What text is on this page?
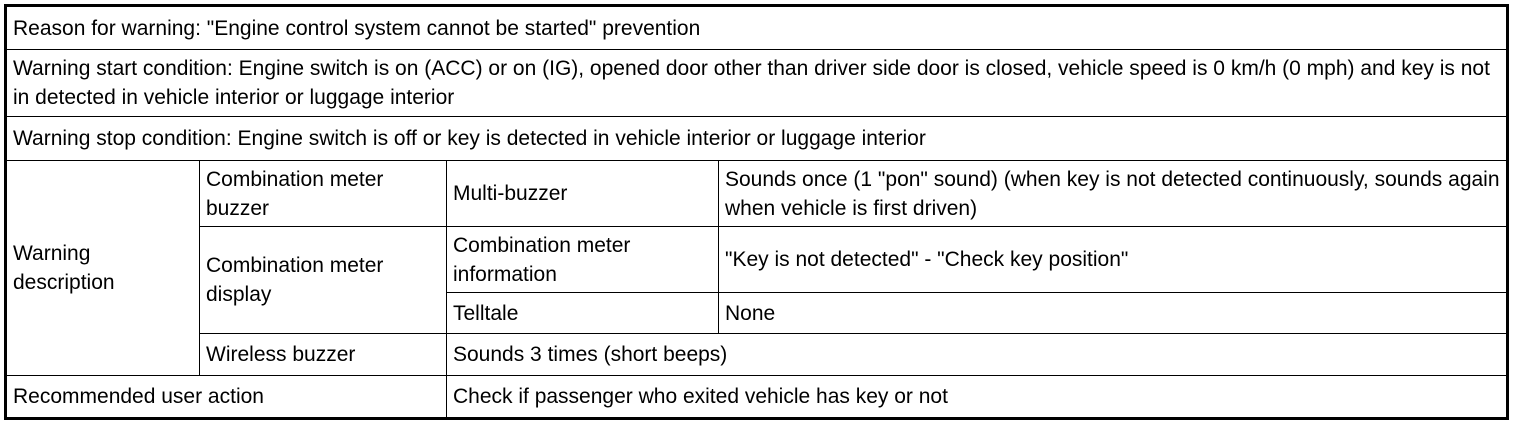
Reason for warning: "Engine control system cannot be started" prevention			
Warning start condition: Engine switch is on (ACC) or on (IG), opened door other than driver side door is closed, vehicle speed is 0 km/h (0 mph) and key is not in detected in vehicle interior or luggage interior			
Warning stop condition: Engine switch is off or key is detected in vehicle interior or luggage interior			
Warning description	Combination meter buzzer	Multi-buzzer	Sounds once (1 "pon" sound) (when key is not detected continuously, sounds again when vehicle is first driven)
	Combination meter display	Combination meter information	"Key is not detected" - "Check key position"
		Telltale	None
	Wireless buzzer	Sounds 3 times (short beeps)	
Recommended user action		Check if passenger who exited vehicle has key or not	
